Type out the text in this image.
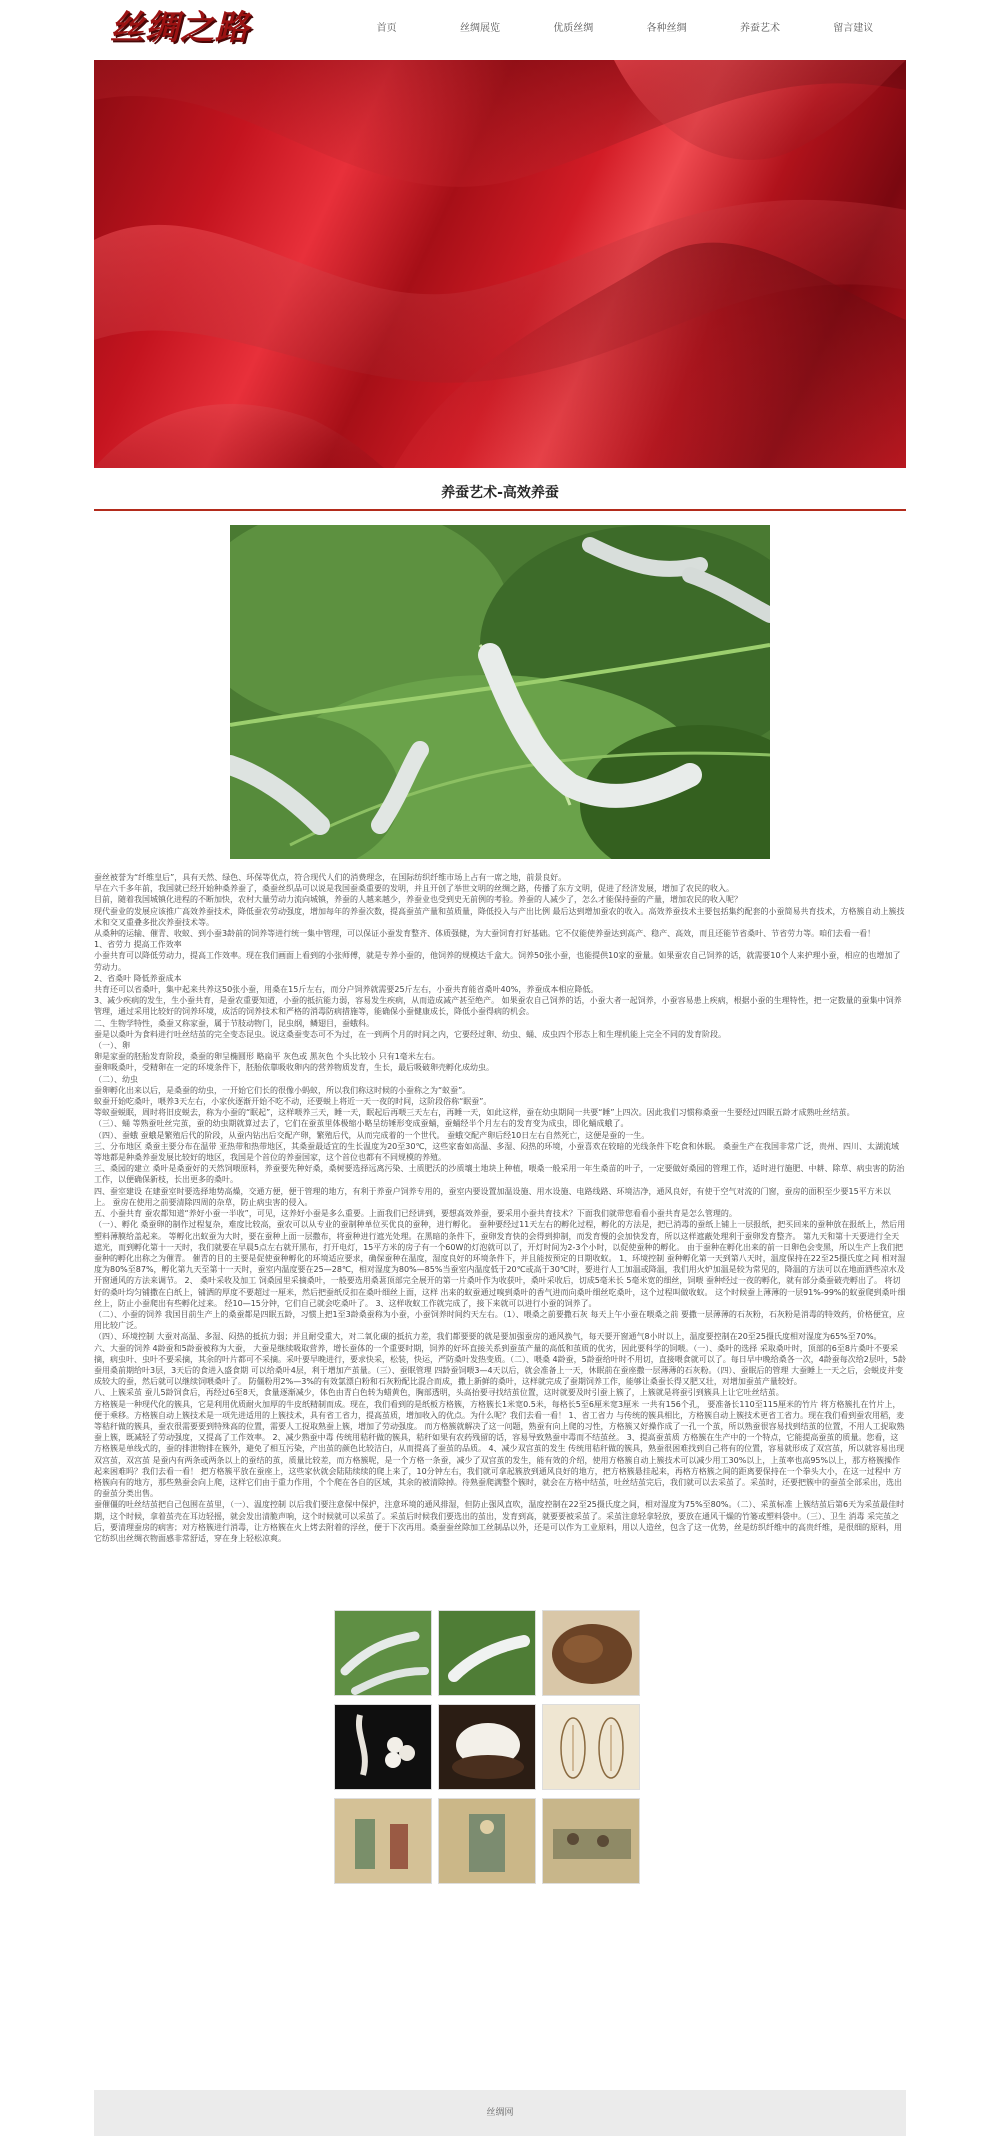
丝绸之路	首页	丝绸展览	优质丝绸	各种丝绸	养蚕艺术	留言建议
养蚕艺术-高效养蚕

蚕丝被誉为“纤维皇后”，具有天然、绿色、环保等优点，符合现代人们的消费理念，在国际纺织纤维市场上占有一席之地，前景良好。

早在六千多年前，我国就已经开始种桑养蚕了，桑蚕丝织品可以说是我国蚕桑重要的发明，并且开创了举世文明的丝绸之路，传播了东方文明，促进了经济发展，增加了农民的收入。

目前，随着我国城镇化进程的不断加快，农村大量劳动力流向城镇，养蚕的人越来越少，养蚕业也受到史无前例的考验。养蚕的人减少了，怎么才能保持蚕的产量，增加农民的收入呢？

现代蚕业的发展应该推广高效养蚕技术，降低蚕农劳动强度，增加每年的养蚕次数，提高蚕茧产量和茧质量，降低投入与产出比例 最后达到增加蚕农的收入。高效养蚕技术主要包括集约配套的小蚕简易共育技术，方格簇自动上簇技术和交叉重叠多批次养蚕技术等。

从桑种的运输、催青、收蚁、到小蚕3龄前的饲养等进行统一集中管理，可以保证小蚕发育整齐、体质强健，为大蚕饲育打好基础。它不仅能使养蚕达到高产、稳产、高效，而且还能节省桑叶、节省劳力等。咱们去看一看！

1、省劳力 提高工作效率

小蚕共育可以降低劳动力，提高工作效率。现在我们画面上看到的小张师傅，就是专养小蚕的，他饲养的规模达千盒大。饲养50张小蚕，也能提供10家的蚕量。如果蚕农自己饲养的话，就需要10个人来护理小蚕，相应的也增加了劳动力。

2、省桑叶 降低养蚕成本

共育还可以省桑叶，集中起来共养这50张小蚕，用桑在15斤左右，而分户饲养就需要25斤左右，小蚕共育能省桑叶40%，养蚕成本相应降低。

3、减少疾病的发生，生小蚕共育，是蚕农重要知道，小蚕的抵抗能力弱，容易发生疾病，从而造成减产甚至绝产。 如果蚕农自己饲养的话，小蚕大者一起饲养，小蚕容易患上疾病，根据小蚕的生理特性，把一定数量的蚕集中饲养管理，通过采用比较好的饲养环境，成活的饲养技术和严格的消毒防病措施等，能确保小蚕健康成长，降低小蚕得病的机会。

二、生物学特性，桑蚕又称家蚕，属于节肢动物门，昆虫纲，鳞翅目，蚕蛾科。

蚕是以桑叶为食料进行吐丝结茧的完全变态昆虫。说这桑蚕变态可不为过，在一到两个月的时间之内，它要经过卵、幼虫、蛹、成虫四个形态上和生理机能上完全不同的发育阶段。

（一）、卵

卵是家蚕的胚胎发育阶段，桑蚕的卵呈椭圆形 略扁平 灰色或 黑灰色 个头比较小 只有1毫米左右。

蚕卵吸桑叶，受精卵在一定的环境条件下，胚胎依靠吸收卵内的营养物质发育，生长，最后吸破卵壳孵化成幼虫。

（二）、幼虫

蚕卵孵化出来以后，是桑蚕的幼虫，一开始它们长的很像小蚂蚁，所以我们称这时候的小蚕称之为“蚁蚕”。

蚁蚕开始吃桑叶，喂养3天左右，小家伙逐渐开始不吃不动，还要蜕上将近一天一夜的时间，这阶段俗称“眠蚕”。

等蚁蚕蜕眠，周时将旧皮蜕去，称为小蚕的“眠起”，这样喂养三天，睡一天，眠起后再喂三天左右，再睡一天，如此这样，蚕在幼虫期间一共要“睡”上四次。因此我们习惯称桑蚕一生要经过四眠五龄才成熟吐丝结茧。

（三）、蛹 等熟蚕吐丝完茧，蚕的幼虫期就算过去了，它们在蚕茧里体极缩小略呈纺锤形变成蚕蛹，蚕蛹经半个月左右的发育变为成虫，即化蛹成蛾了。

（四）、蚕蛾 蚕蛾是繁殖后代的阶段，从蚕内钻出后交配产卵，繁殖后代，从而完成着的一个世代。 蚕蛾交配产卵后经10日左右自然死亡，这便是蚕的一生。

三、分布地区 桑蚕主要分布在温带 亚热带和热带地区，其桑蚕最适宜的生长温度为20至30℃，这些家畜如高温、多湿、闷热的环境，小蚕喜欢在较暗的光线条件下吃食和休眠。 桑蚕生产在我国非常广泛，贵州、四川、太湖流域等地都是种桑养蚕发展比较好的地区，我国是个首位的养蚕国家，这个首位也都有不同规模的养殖。

三、桑园的建立 桑叶是桑蚕好的天然饲喂原料，养蚕要先种好桑，桑树要选择远离污染、土质肥沃的沙质壤土地块上种植，喂桑一般采用一年生桑苗的叶子，一定要做好桑园的管理工作，适时进行施肥、中耕、除草、病虫害的防治工作，以便确保新枝，长出更多的桑叶。

四、蚕室建设 在建蚕室时要选择地势高燥，交通方便，便于管理的地方，有利于养蚕户饲养专用的，蚕室内要设置加温设施、用水设施、电路线路、环境洁净，通风良好，有使于空气对流的门窗，蚕房的面积至少要15平方米以上。 蚕房在使用之前要清除四周的杂草，防止病虫害的侵入。

五、小蚕共育 蚕农都知道“养好小蚕一半收”，可见，这养好小蚕是多么重要。上面我们已经讲到，要想高效养蚕，要采用小蚕共育技术？下面我们就带您看看小蚕共育是怎么管理的。

（一）、孵化 桑蚕卵的制作过程复杂，难度比较高，蚕农可以从专业的蚕制种单位买优良的蚕种，进行孵化。 蚕种要经过11天左右的孵化过程，孵化的方法是，把已消毒的蚕纸上铺上一层报纸，把买回来的蚕种放在报纸上，然后用塑料薄膜给盖起来。 等孵化出蚁蚕为大时，要在蚕种上面一层撒布，将蚕种进行遮光处理。在黑暗的条件下，蚕卵发育快的会得到抑制，而发育慢的会加快发育，所以这样遮蔽处理利于蚕卵发育整齐。 第九天和第十天要进行全天遮光，而到孵化第十一天时，我们就要在早晨5点左右就开黑布，打开电灯，15平方米的房子有一个60W的灯泡就可以了，开灯时间为2-3个小时，以促使蚕种的孵化。 由于蚕种在孵化出来的前一日卵色会变黑，所以生产上我们把蚕种的孵化出称之为催青。 催青的目的主要是促使蚕种孵化的环境适应要求，确保蚕种在温度，湿度良好的环境条件下，并且能按预定的日期收蚁。 1、环境控制 蚕种孵化第一天到第八天时，温度保持在22至25摄氏度之间 相对湿度为80%至87%，孵化第九天至第十一天时，蚕室内温度要在25—28℃，相对湿度为80%—85%当蚕室内温度低于20℃或高于30℃时，要进行人工加温或降温，我们用火炉加温是较为常见的，降温的方法可以在地面洒些凉水及开窗通风的方法来调节。 2、 桑叶采收及加工 饲桑园里采摘桑叶，一般要选用桑葚顶部完全展开的第一片桑叶作为收获叶，桑叶采收后，切成5毫米长 5毫米宽的细丝，饲喂 蚕种经过一夜的孵化，就有部分桑蚕破壳孵出了。 将切好的桑叶均匀铺撒在白纸上，铺洒的厚度不要超过一厘米，然后把蚕纸反扣在桑叶细丝上面，这样 出来的蚁蚕通过嗅到桑叶的香气进而向桑叶细丝吃桑叶，这个过程叫做收蚁。 这个时候蚕上薄薄的一层91%-99%的蚁蚕爬到桑叶细丝上，防止小蚕爬出有些孵化过来。 经10—15分钟，它们自己就会吃桑叶了。 3、这样收蚁工作就完成了，接下来就可以进行小蚕的饲养了。

（二）、小蚕的饲养 我国目前生产上的桑蚕都是四眠五龄，习惯上把1至3龄桑蚕称为小蚕，小蚕饲养时间约天左右。（1）、喂桑之前要撒石灰 每天上午小蚕在喂桑之前 要撒一层薄薄的石灰粉，石灰粉是消毒的特效药，价格便宜，应用比较广泛。

（四）、环境控制 大蚕对高温、多湿、闷热的抵抗力弱；并且耐受重大，对二氧化碳的抵抗力差，我们都要要的就是要加强蚕房的通风换气，每天要开窗通气8小时以上，温度要控制在20至25摄氏度相对湿度为65%至70%。

六、大蚕的饲养 4龄蚕和5龄蚕被称为大蚕， 大蚕是继续吸取营养，增长蚕体的一个重要时期，饲养的好坏直接关系到蚕茧产量的高低和茧质的优劣，因此要科学的饲喂。（一）、桑叶的选择 采取桑叶时，顶部的6至8片桑叶不要采摘，病虫叶、虫叶不要采摘，其余的叶片都可不采摘。采叶要早晚进行，要求快采，松装，快运，严防桑叶发热变质。（二）、喂桑 4龄蚕，5龄蚕给叶时不用切，直接喂食就可以了。每日早中晚给桑各一次，4龄蚕每次给2层叶，5龄蚕用桑前期给叶3层，3天后的食进入盛食期 可以给桑叶4层，利于增加产茧量。（三）、蚕眠管理 四龄蚕饲喂3—4天以后，就会准备上一天，休眠前在蚕座撒一层薄薄的石灰粉。（四）、蚕眠后的管理 大蚕睡上一天之后，会蜕皮并变成较大的蚕，然后就可以继续饲喂桑叶了。 防僵粉用2%—3%的有效氯漂白粉和石灰粉配比混合而成，撒上新鲜的桑叶，这样就完成了蚕期饲养工作，能够让桑蚕长得又肥又壮，对增加蚕茧产量较好。

八、上簇采茧 蚕儿5龄饲食后，再经过6至8天，食量逐渐减少，体色由青白色转为蜡黄色，胸部透明，头高抬要寻找结茧位置，这时就要及时引蚕上簇了，上簇就是将蚕引到簇具上让它吐丝结茧。

方格簇是一种现代化的簇具，它是利用优质耐火加厚的牛皮纸精制而成。现在，我们看到的是纸板方格簇，方格簇长1米宽0.5米，每格长5至6厘米宽3厘米 一共有156个孔， 要准备长110至115厘米的竹片 将方格簇扎在竹片上，便于乘移。方格簇自动上簇技术是一项先进适用的上簇技术，具有省工省力，提高茧质，增加收入的优点。为什么呢？我们去看一看！ 1、省工省力 与传统的簇具相比，方格簇自动上簇技术更省工省力。现在我们看到蚕农用稻，麦等秸秆做的簇具，蚕农很需要要到特殊高的位置，需要人工捉取熟蚕上簇，增加了劳动强度。 而方格簇就解决了这一问题，熟蚕有向上爬的习性，方格簇又好操作成了一孔一个茧，所以熟蚕很容易找到结茧的位置，不用人工捉取熟蚕上簇，既减轻了劳动强度，又提高了工作效率。 2、减少熟蚕中毒 传统用秸秆做的簇具，秸秆如果有农药残留的话，容易导致熟蚕中毒而不结茧丝。 3、提高蚕茧质 方格簇在生产中的一个特点，它能提高蚕茧的质量。您看，这方格簇是单线式的，蚕的排泄物排在簇外，避免了相互污染，产出茧的颜色比较洁白，从而提高了蚕茧的品质。 4、减少双宫茧的发生 传统用秸秆做的簇具，熟蚕很困难找到自己将有的位置，容易就形成了双宫茧，所以就容易出现双宫茧，双宫茧 是蚕内有两条或两条以上的蚕结的茧，质量比较差，而方格簇呢，是一个方格一条蚕，减少了双宫茧的发生，能有效的介绍，使用方格簇自动上簇技术可以减少用工30%以上，上茧率也高95%以上，那方格簇操作起来困难吗？我们去看一看！ 把方格簇平放在蚕座上，这些家伙就会陆陆续续的爬上来了，10分钟左右，我们就可拿起簇放到通风良好的地方，把方格簇悬挂起来，再格方格簇之间的距离要保持在一个拳头大小，在这一过程中 方格簇向有的地方，那些熟蚕会向上爬，这样它们由于重力作用，个个爬在各自的区域，其余的被清除掉。待熟蚕爬满整个簇时，就会在方格中结茧，吐丝结茧完后，我们就可以去采茧了。采茧时，还要把簇中的蚕茧全部采出，选出的蚕茧分类出售。

蚕催僵的吐丝结茧把自己包围在茧里，（一）、温度控制 以后我们要注意保中保护，注意环境的通风排湿，但防止强风直吹，温度控制在22至25摄氏度之间，相对湿度为75%至80%。（二）、采茧标准 上簇结茧后第6天为采茧最佳时期，这个时候，拿着茧壳在耳边轻摇，就会发出清脆声响，这个时候就可以采茧了。采茧后时候我们要选出的茧出，发育到高，就要要被采茧了。采茧注意轻拿轻放，要放在通风干燥的竹篓或塑料袋中。（三）、卫生 消毒 采完茧之后，要清理蚕房的病害；对方格簇进行消毒，让方格簇在火上烤去附着的浮丝，便于下次再用。桑蚕蚕丝除加工丝制品以外，还是可以作为工业原料，用以人造丝，包含了这一优势，丝是纺织纤维中的高贵纤维，是很细的原料，用它纺织出丝绸衣物面感非常舒适，穿在身上轻松凉爽。

丝绸网
